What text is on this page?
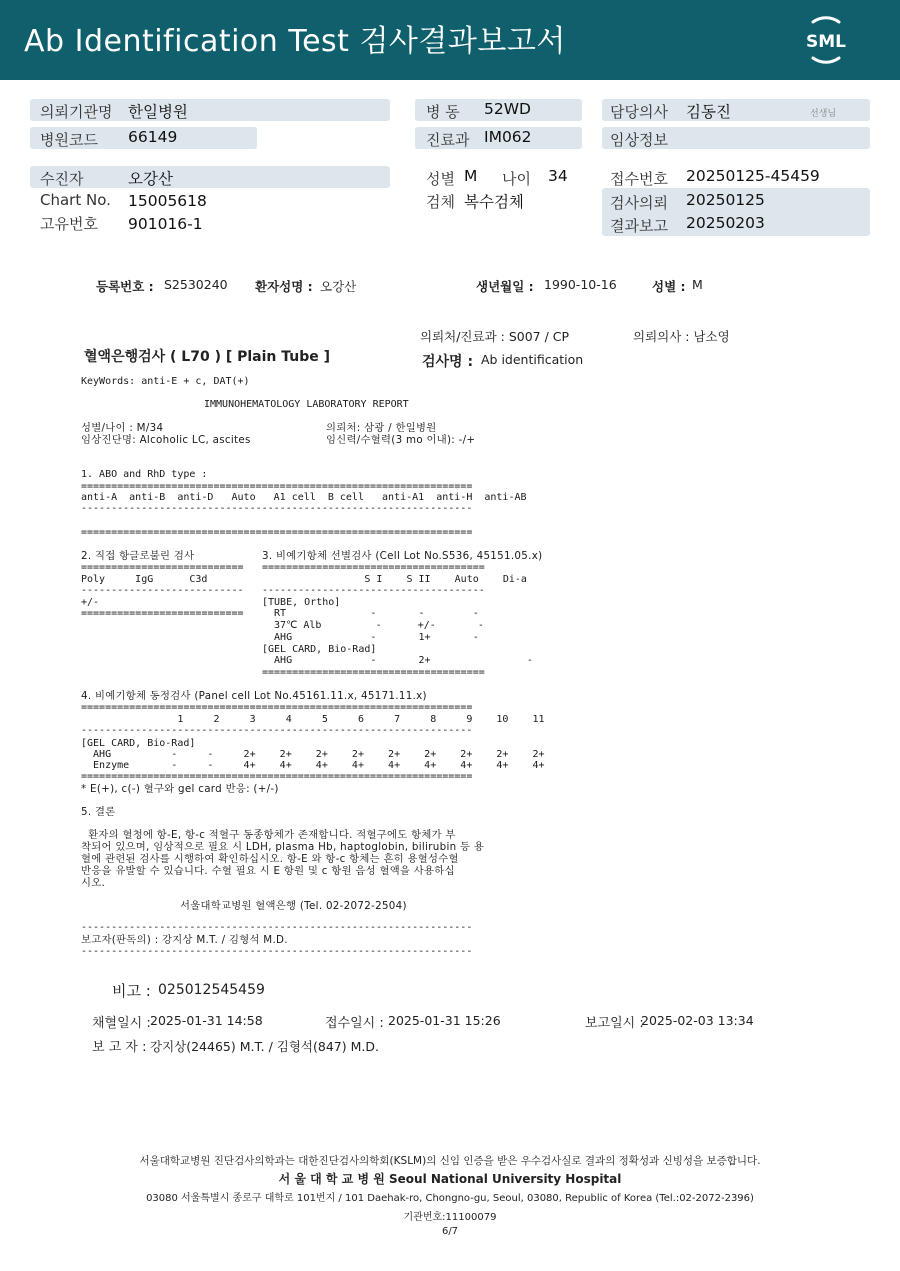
Ab Identification Test 검사결과보고서	SML
의뢰기관명 한일병원
병원코드 66149
수진자	오강산
Chart No. 15005618
고유번호 901016-1
병 동 52WD
진료과 IM062
성별 M 나이 34
검체 복수검체
담당의사 김동진	선생님
임상정보
접수번호 20250125-45459
검사의뢰 20250125
결과보고 20250203
등록번호 : S2530240 환자성명 : 오강산	생년월일 : 1990-10-16	성별 : M
의뢰처/진료과 : S007 / CP	의뢰의사 : 남소영
혈액은행검사 ( L70 ) [ Plain Tube ]	검사명 : Ab identification
KeyWords: anti-E + c, DAT(+)
IMMUNOHEMATOLOGY LABORATORY REPORT
성별/나이 : M/34	의뢰처: 삼광 / 한일병원
임상진단명: Alcoholic LC, ascites	임신력/수혈력(3 mo 이내): -/+
1. ABO and RhD type :
=================================================================
anti-A  anti-B  anti-D   Auto   A1 cell  B cell   anti-A1  anti-H  anti-AB
-----------------------------------------------------------------
=================================================================
2. 직접 항글로불린 검사
===========================
Poly     IgG      C3d
---------------------------
+/-
===========================
3. 비예기항체 선별검사 (Cell Lot No.S536, 45151.05.x)
=====================================
S I    S II    Auto    Di-a
-------------------------------------
[TUBE, Ortho]
RT              -       -        -
37℃ Alb         -      +/-       -
AHG             -       1+       -
[GEL CARD, Bio-Rad]
AHG             -       2+                -
=====================================
4. 비예기항체 동정검사 (Panel cell Lot No.45161.11.x, 45171.11.x)
=================================================================
1     2     3     4     5     6     7     8     9    10    11
-----------------------------------------------------------------
[GEL CARD, Bio-Rad]
AHG          -     -     2+    2+    2+    2+    2+    2+    2+    2+    2+
Enzyme       -     -     4+    4+    4+    4+    4+    4+    4+    4+    4+
=================================================================
* E(+), c(-) 혈구와 gel card 반응: (+/-)
5. 결론
환자의 혈청에 항-E, 항-c 적혈구 동종항체가 존재합니다. 적혈구에도 항체가 부
착되어 있으며, 임상적으로 필요 시 LDH, plasma Hb, haptoglobin, bilirubin 등 용
혈에 관련된 검사를 시행하여 확인하십시오. 항-E 와 항-c 항체는 흔히 용혈성수혈
반응을 유발할 수 있습니다. 수혈 필요 시 E 항원 및 c 항원 음성 혈액을 사용하십
시오.
서울대학교병원 혈액은행 (Tel. 02-2072-2504)
-----------------------------------------------------------------
보고자(판독의) : 강지상 M.T. / 김형석 M.D.
-----------------------------------------------------------------
비고 : 025012545459
채혈일시 : 2025-01-31 14:58	접수일시 : 2025-01-31 15:26	보고일시 :
2025-02-03 13:34
보 고 자 : 강지상(24465) M.T. / 김형석(847) M.D.
서울대학교병원 진단검사의학과는 대한진단검사의학회(KSLM)의 신임 인증을 받은 우수검사실로 결과의 정확성과 신빙성을 보증합니다.
서 울 대 학 교 병 원 Seoul National University Hospital
03080 서울특별시 종로구 대학로 101번지 / 101 Daehak-ro, Chongno-gu, Seoul, 03080, Republic of Korea (Tel.:02-2072-2396)
기관번호:11100079
6/7
